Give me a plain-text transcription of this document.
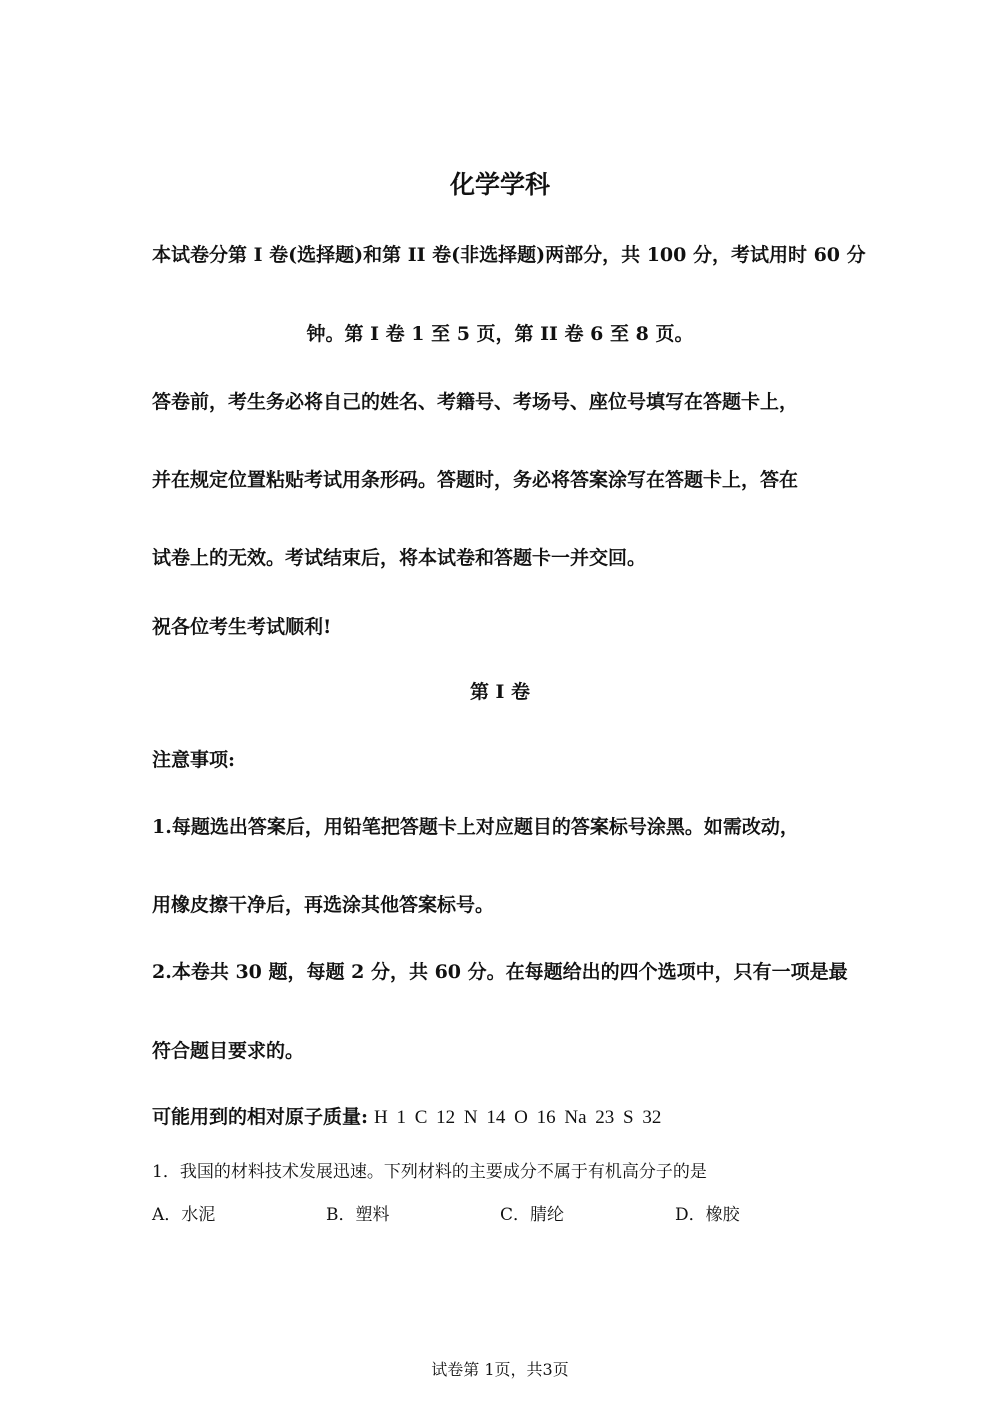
化学学科
本试卷分第 I 卷(选择题)和第 II 卷(非选择题)两部分，共 100 分，考试用时 60 分
钟。第 I 卷 1 至 5 页，第 II 卷 6 至 8 页。
答卷前，考生务必将自己的姓名、考籍号、考场号、座位号填写在答题卡上，
并在规定位置粘贴考试用条形码。答题时，务必将答案涂写在答题卡上，答在
试卷上的无效。考试结束后，将本试卷和答题卡一并交回。
祝各位考生考试顺利!
第 I 卷
注意事项:
1.每题选出答案后，用铅笔把答题卡上对应题目的答案标号涂黑。如需改动，
用橡皮擦干净后，再选涂其他答案标号。
2.本卷共 30 题，每题 2 分，共 60 分。在每题给出的四个选项中，只有一项是最
符合题目要求的。
可能用到的相对原子质量: H 1 C 12 N 14 O 16 Na 23 S 32
1．我国的材料技术发展迅速。下列材料的主要成分不属于有机高分子的是
A．水泥	B．塑料	C．腈纶	D．橡胶
试卷第 1页，共3页
